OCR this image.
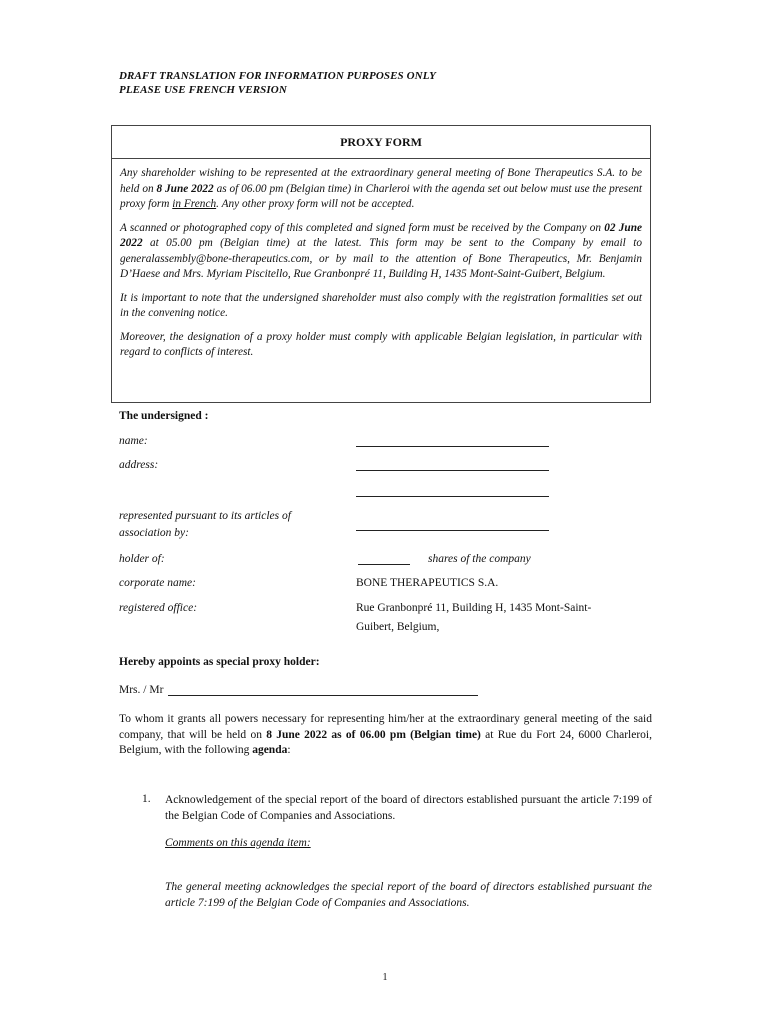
DRAFT TRANSLATION FOR INFORMATION PURPOSES ONLY
PLEASE USE FRENCH VERSION
PROXY FORM

Any shareholder wishing to be represented at the extraordinary general meeting of Bone Therapeutics S.A. to be held on 8 June 2022 as of 06.00 pm (Belgian time) in Charleroi with the agenda set out below must use the present proxy form in French. Any other proxy form will not be accepted.

A scanned or photographed copy of this completed and signed form must be received by the Company on 02 June 2022 at 05.00 pm (Belgian time) at the latest. This form may be sent to the Company by email to generalassembly@bone-therapeutics.com, or by mail to the attention of Bone Therapeutics, Mr. Benjamin D’Haese and Mrs. Myriam Piscitello, Rue Granbonpré 11, Building H, 1435 Mont-Saint-Guibert, Belgium.

It is important to note that the undersigned shareholder must also comply with the registration formalities set out in the convening notice.

Moreover, the designation of a proxy holder must comply with applicable Belgian legislation, in particular with regard to conflicts of interest.

The undersigned :
name:
address:
represented pursuant to its articles of
association by:
holder of:	shares of the company
corporate name:	BONE THERAPEUTICS S.A.
registered office:	Rue Granbonpré 11, Building H, 1435 Mont-Saint-
Guibert, Belgium,
Hereby appoints as special proxy holder:
Mrs. / Mr
To whom it grants all powers necessary for representing him/her at the extraordinary general meeting of the said company, that will be held on 8 June 2022 as of 06.00 pm (Belgian time) at Rue du Fort 24, 6000 Charleroi, Belgium, with the following agenda:
1. Acknowledgement of the special report of the board of directors established pursuant the article 7:199 of the Belgian Code of Companies and Associations.
Comments on this agenda item:
The general meeting acknowledges the special report of the board of directors established pursuant the article 7:199 of the Belgian Code of Companies and Associations.
1
